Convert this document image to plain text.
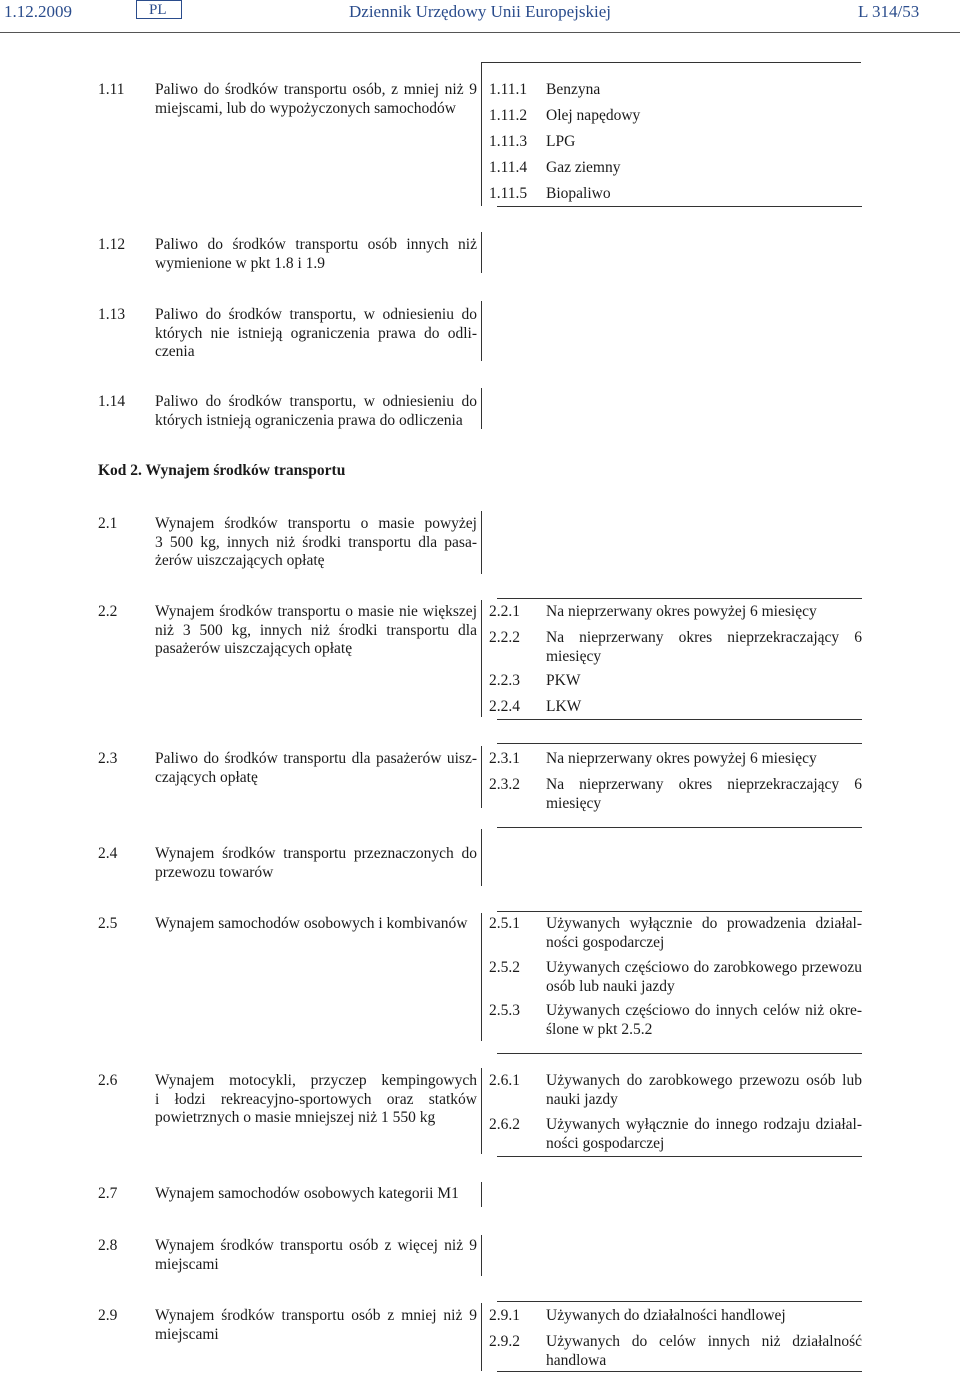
1.12.2009	PL	Dziennik Urzędowy Unii Europejskiej	L 314/53
1.11 Paliwo do środków transportu osób, z mniej niż 9
miejscami, lub do wypożyczonych samochodów
1.11.1 Benzyna
1.11.2 Olej napędowy
1.11.3 LPG
1.11.4 Gaz ziemny
1.11.5 Biopaliwo
1.12 Paliwo do środków transportu osób innych niż
wymienione w pkt 1.8 i 1.9
1.13 Paliwo do środków transportu, w odniesieniu do
których nie istnieją ograniczenia prawa do odli-
czenia
1.14 Paliwo do środków transportu, w odniesieniu do
których istnieją ograniczenia prawa do odliczenia
Kod 2. Wynajem środków transportu
2.1 Wynajem środków transportu o masie powyżej
3 500 kg, innych niż środki transportu dla pasa-
żerów uiszczających opłatę
2.2 Wynajem środków transportu o masie nie większej
niż 3 500 kg, innych niż środki transportu dla
pasażerów uiszczających opłatę
2.2.1 Na nieprzerwany okres powyżej 6 miesięcy
2.2.2 Na nieprzerwany okres nieprzekraczający 6
miesięcy
2.2.3 PKW
2.2.4 LKW
2.3 Paliwo do środków transportu dla pasażerów uisz-
czających opłatę
2.3.1 Na nieprzerwany okres powyżej 6 miesięcy
2.3.2 Na nieprzerwany okres nieprzekraczający 6
miesięcy
2.4 Wynajem środków transportu przeznaczonych do
przewozu towarów
2.5 Wynajem samochodów osobowych i kombivanów	2.5.1 Używanych wyłącznie do prowadzenia działal-
ności gospodarczej
2.5.2 Używanych częściowo do zarobkowego przewozu
osób lub nauki jazdy
2.5.3 Używanych częściowo do innych celów niż okre-
ślone w pkt 2.5.2
2.6 Wynajem motocykli, przyczep kempingowych
i łodzi rekreacyjno-sportowych oraz statków
powietrznych o masie mniejszej niż 1 550 kg
2.6.1 Używanych do zarobkowego przewozu osób lub
nauki jazdy
2.6.2 Używanych wyłącznie do innego rodzaju działal-
ności gospodarczej
2.7 Wynajem samochodów osobowych kategorii M1
2.8 Wynajem środków transportu osób z więcej niż 9
miejscami
2.9 Wynajem środków transportu osób z mniej niż 9
miejscami
2.9.1 Używanych do działalności handlowej
2.9.2 Używanych do celów innych niż działalność
handlowa
